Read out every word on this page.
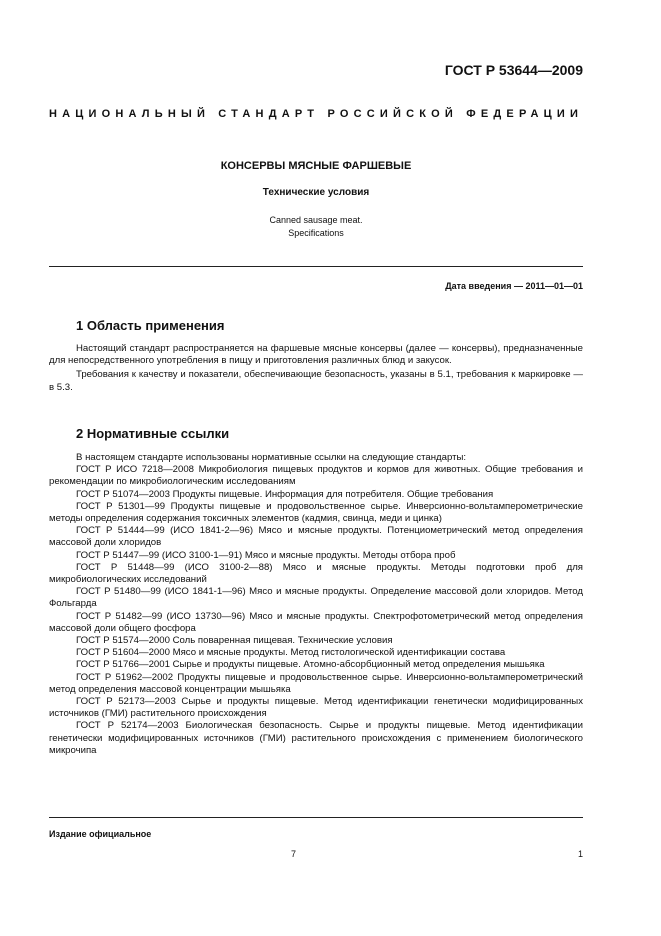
ГОСТ Р 53644—2009
НАЦИОНАЛЬНЫЙ СТАНДАРТ РОССИЙСКОЙ ФЕДЕРАЦИИ
КОНСЕРВЫ МЯСНЫЕ ФАРШЕВЫЕ
Технические условия
Canned sausage meat.
Specifications
Дата введения — 2011—01—01
1 Область применения

Настоящий стандарт распространяется на фаршевые мясные консервы (далее — консервы), предназначенные для непосредственного употребления в пищу и приготовления различных блюд и закусок.

Требования к качеству и показатели, обеспечивающие безопасность, указаны в 5.1, требования к маркировке — в 5.3.

2 Нормативные ссылки

В настоящем стандарте использованы нормативные ссылки на следующие стандарты:

ГОСТ Р ИСО 7218—2008 Микробиология пищевых продуктов и кормов для животных. Общие требования и рекомендации по микробиологическим исследованиям

ГОСТ Р 51074—2003 Продукты пищевые. Информация для потребителя. Общие требования

ГОСТ Р 51301—99 Продукты пищевые и продовольственное сырье. Инверсионно-вольтамперометрические методы определения содержания токсичных элементов (кадмия, свинца, меди и цинка)

ГОСТ Р 51444—99 (ИСО 1841-2—96) Мясо и мясные продукты. Потенциометрический метод определения массовой доли хлоридов

ГОСТ Р 51447—99 (ИСО 3100-1—91) Мясо и мясные продукты. Методы отбора проб

ГОСТ Р 51448—99 (ИСО 3100-2—88) Мясо и мясные продукты. Методы подготовки проб для микробиологических исследований

ГОСТ Р 51480—99 (ИСО 1841-1—96) Мясо и мясные продукты. Определение массовой доли хлоридов. Метод Фольгарда

ГОСТ Р 51482—99 (ИСО 13730—96) Мясо и мясные продукты. Спектрофотометрический метод определения массовой доли общего фосфора

ГОСТ Р 51574—2000 Соль поваренная пищевая. Технические условия

ГОСТ Р 51604—2000 Мясо и мясные продукты. Метод гистологической идентификации состава

ГОСТ Р 51766—2001 Сырье и продукты пищевые. Атомно-абсорбционный метод определения мышьяка

ГОСТ Р 51962—2002 Продукты пищевые и продовольственное сырье. Инверсионно-вольтамперометрический метод определения массовой концентрации мышьяка

ГОСТ Р 52173—2003 Сырье и продукты пищевые. Метод идентификации генетически модифицированных источников (ГМИ) растительного происхождения

ГОСТ Р 52174—2003 Биологическая безопасность. Сырье и продукты пищевые. Метод идентификации генетически модифицированных источников (ГМИ) растительного происхождения с применением биологического микрочипа

Издание официальное
7	1
